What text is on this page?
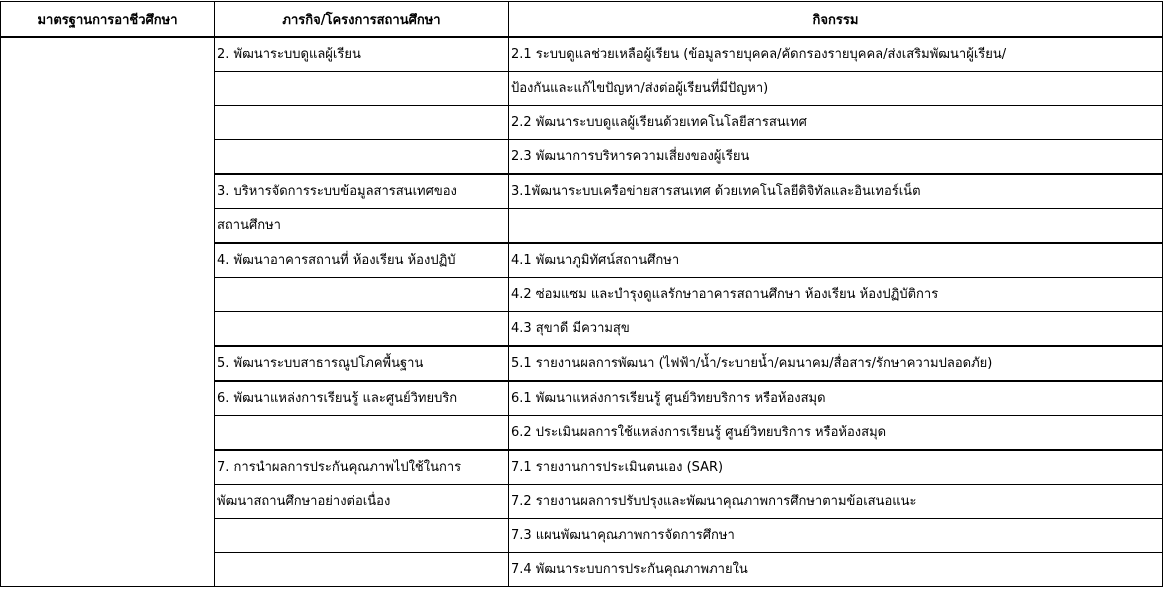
มาตรฐานการอาชีวศึกษา	ภารกิจ/โครงการสถานศึกษา	กิจกรรม
	2. พัฒนาระบบดูแลผู้เรียน	2.1 ระบบดูแลช่วยเหลือผู้เรียน (ข้อมูลรายบุคคล/คัดกรองรายบุคคล/ส่งเสริมพัฒนาผู้เรียน/
		ป้องกันและแก้ไขปัญหา/ส่งต่อผู้เรียนที่มีปัญหา)
		2.2 พัฒนาระบบดูแลผู้เรียนด้วยเทคโนโลยีสารสนเทศ
		2.3 พัฒนาการบริหารความเสี่ยงของผู้เรียน
	3. บริหารจัดการระบบข้อมูลสารสนเทศของ	3.1พัฒนาระบบเครือข่ายสารสนเทศ ด้วยเทคโนโลยีดิจิทัลและอินเทอร์เน็ต
	สถานศึกษา	
	4. พัฒนาอาคารสถานที่ ห้องเรียน ห้องปฏิบั	4.1 พัฒนาภูมิทัศน์สถานศึกษา
		4.2 ซ่อมแซม และบำรุงดูแลรักษาอาคารสถานศึกษา ห้องเรียน ห้องปฏิบัติการ
		4.3 สุขาดี มีความสุข
	5. พัฒนาระบบสาธารณูปโภคพื้นฐาน	5.1 รายงานผลการพัฒนา (ไฟฟ้า/น้ำ/ระบายน้ำ/คมนาคม/สื่อสาร/รักษาความปลอดภัย)
	6. พัฒนาแหล่งการเรียนรู้ และศูนย์วิทยบริก	6.1 พัฒนาแหล่งการเรียนรู้ ศูนย์วิทยบริการ หรือห้องสมุด
		6.2 ประเมินผลการใช้แหล่งการเรียนรู้ ศูนย์วิทยบริการ หรือห้องสมุด
	7. การนำผลการประกันคุณภาพไปใช้ในการ	7.1 รายงานการประเมินตนเอง (SAR)
	พัฒนาสถานศึกษาอย่างต่อเนื่อง	7.2 รายงานผลการปรับปรุงและพัฒนาคุณภาพการศึกษาตามข้อเสนอแนะ
		7.3 แผนพัฒนาคุณภาพการจัดการศึกษา
		7.4 พัฒนาระบบการประกันคุณภาพภายใน
